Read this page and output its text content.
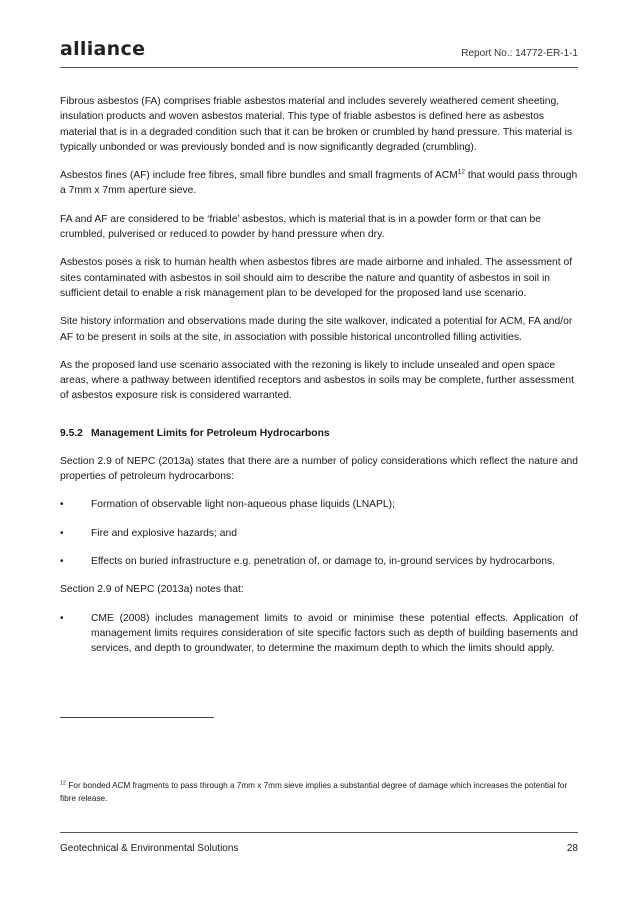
alliance	Report No.: 14772-ER-1-1

Fibrous asbestos (FA) comprises friable asbestos material and includes severely weathered cement sheeting, insulation products and woven asbestos material. This type of friable asbestos is defined here as asbestos material that is in a degraded condition such that it can be broken or crumbled by hand pressure. This material is typically unbonded or was previously bonded and is now significantly degraded (crumbling).

Asbestos fines (AF) include free fibres, small fibre bundles and small fragments of ACM$^{12}$ that would pass through a 7mm x 7mm aperture sieve.

FA and AF are considered to be ‘friable’ asbestos, which is material that is in a powder form or that can be crumbled, pulverised or reduced to powder by hand pressure when dry.

Asbestos poses a risk to human health when asbestos fibres are made airborne and inhaled. The assessment of sites contaminated with asbestos in soil should aim to describe the nature and quantity of asbestos in soil in sufficient detail to enable a risk management plan to be developed for the proposed land use scenario.

Site history information and observations made during the site walkover, indicated a potential for ACM, FA and/or AF to be present in soils at the site, in association with possible historical uncontrolled filling activities.

As the proposed land use scenario associated with the rezoning is likely to include unsealed and open space areas, where a pathway between identified receptors and asbestos in soils may be complete, further assessment of asbestos exposure risk is considered warranted.

9.5.2 Management Limits for Petroleum Hydrocarbons

Section 2.9 of NEPC (2013a) states that there are a number of policy considerations which reflect the nature and properties of petroleum hydrocarbons:

•	Formation of observable light non-aqueous phase liquids (LNAPL);
•	Fire and explosive hazards; and
•	Effects on buried infrastructure e.g. penetration of, or damage to, in-ground services by hydrocarbons.

Section 2.9 of NEPC (2013a) notes that:

•	CME (2008) includes management limits to avoid or minimise these potential effects. Application of management limits requires consideration of site specific factors such as depth of building basements and services, and depth to groundwater, to determine the maximum depth to which the limits should apply.
$^{12}$ For bonded ACM fragments to pass through a 7mm x 7mm sieve implies a substantial degree of damage which increases the potential for fibre release.
Geotechnical & Environmental Solutions	28
